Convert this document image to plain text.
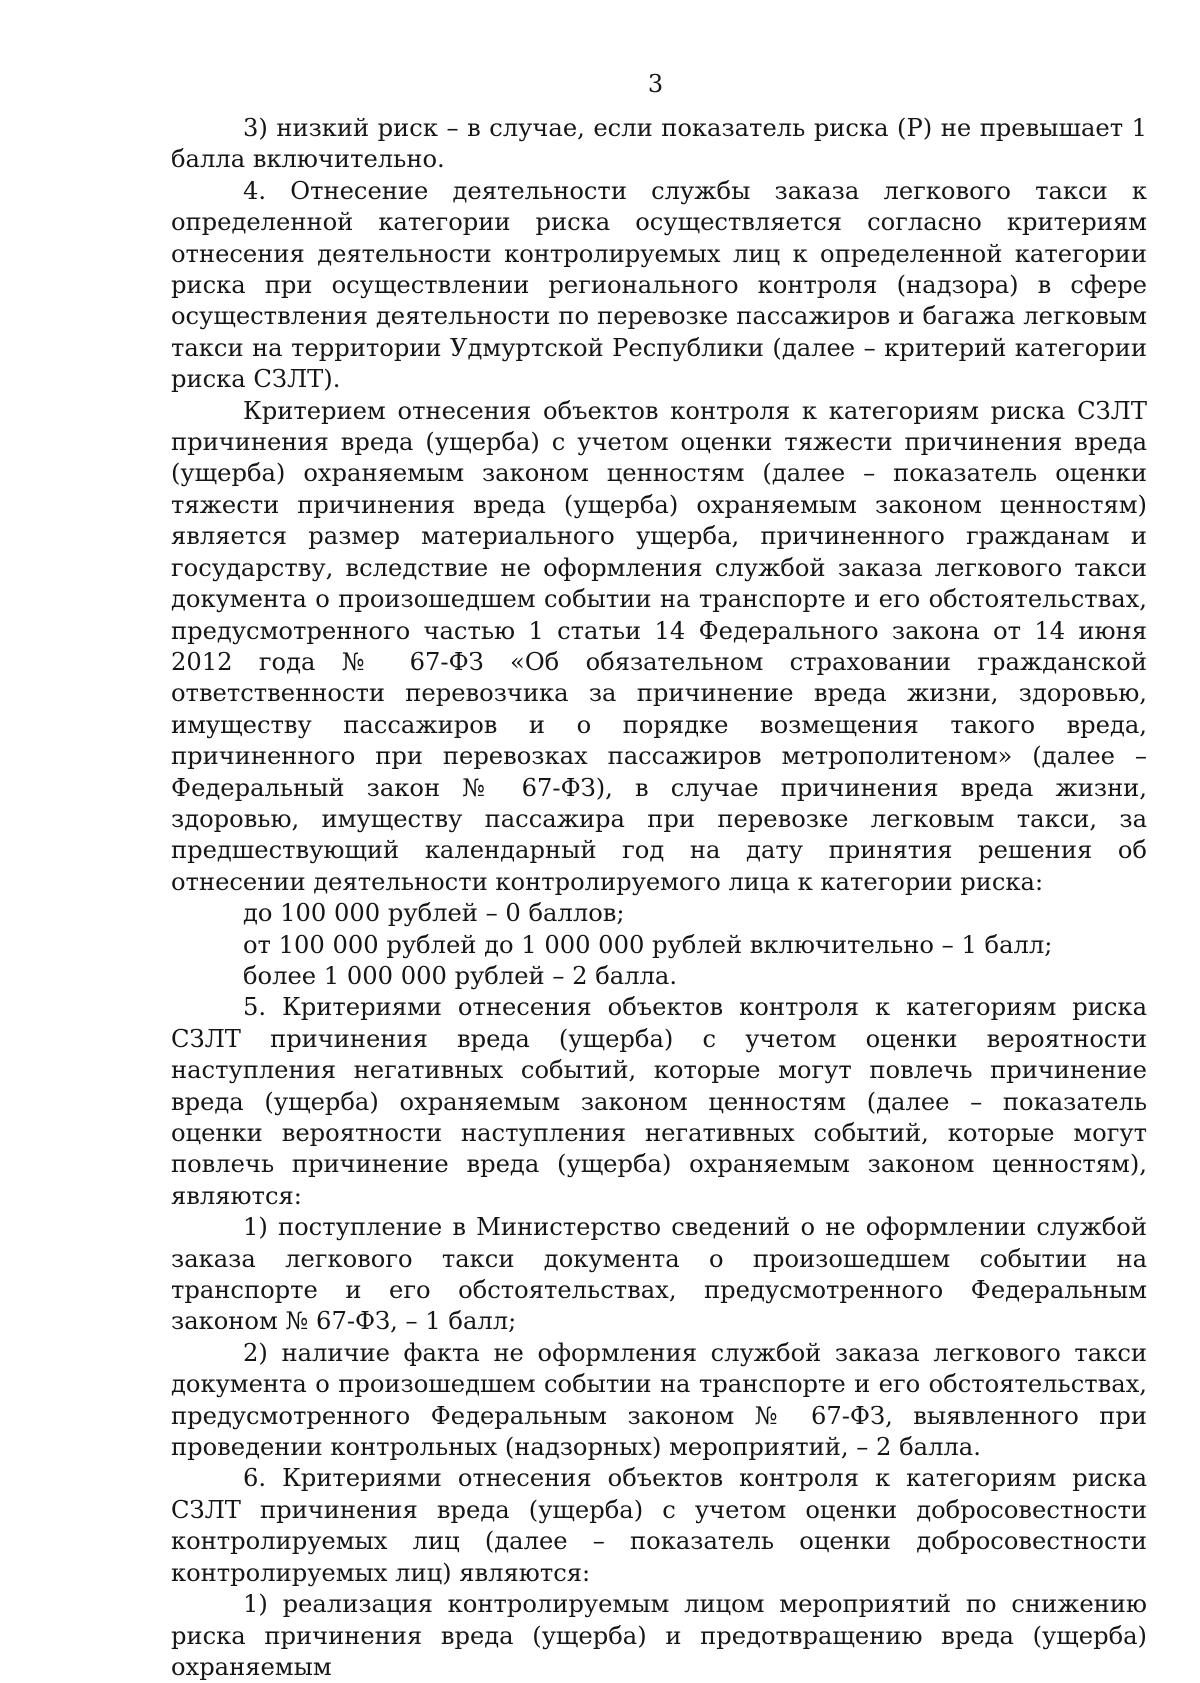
3

3) низкий риск – в случае, если показатель риска (Р) не превышает 1 балла включительно.

4. Отнесение деятельности службы заказа легкового такси к определенной категории риска осуществляется согласно критериям отнесения деятельности контролируемых лиц к определенной категории риска при осуществлении регионального контроля (надзора) в сфере осуществления деятельности по перевозке пассажиров и багажа легковым такси на территории Удмуртской Республики (далее – критерий категории риска СЗЛТ).

Критерием отнесения объектов контроля к категориям риска СЗЛТ причинения вреда (ущерба) с учетом оценки тяжести причинения вреда (ущерба) охраняемым законом ценностям (далее – показатель оценки тяжести причинения вреда (ущерба) охраняемым законом ценностям) является размер материального ущерба, причиненного гражданам и государству, вследствие не оформления службой заказа легкового такси документа о произошедшем событии на транспорте и его обстоятельствах, предусмотренного частью 1 статьи 14 Федерального закона от 14 июня 2012 года № 67-ФЗ «Об обязательном страховании гражданской ответственности перевозчика за причинение вреда жизни, здоровью, имуществу пассажиров и о порядке возмещения такого вреда, причиненного при перевозках пассажиров метрополитеном» (далее – Федеральный закон № 67-ФЗ), в случае причинения вреда жизни, здоровью, имуществу пассажира при перевозке легковым такси, за предшествующий календарный год на дату принятия решения об отнесении деятельности контролируемого лица к категории риска:

до 100 000 рублей – 0 баллов;

от 100 000 рублей до 1 000 000 рублей включительно – 1 балл;

более 1 000 000 рублей – 2 балла.

5. Критериями отнесения объектов контроля к категориям риска СЗЛТ причинения вреда (ущерба) с учетом оценки вероятности наступления негативных событий, которые могут повлечь причинение вреда (ущерба) охраняемым законом ценностям (далее – показатель оценки вероятности наступления негативных событий, которые могут повлечь причинение вреда (ущерба) охраняемым законом ценностям), являются:

1) поступление в Министерство сведений о не оформлении службой заказа легкового такси документа о произошедшем событии на транспорте и его обстоятельствах, предусмотренного Федеральным законом № 67-ФЗ, – 1 балл;

2) наличие факта не оформления службой заказа легкового такси документа о произошедшем событии на транспорте и его обстоятельствах, предусмотренного Федеральным законом № 67-ФЗ, выявленного при проведении контрольных (надзорных) мероприятий, – 2 балла.

6. Критериями отнесения объектов контроля к категориям риска СЗЛТ причинения вреда (ущерба) с учетом оценки добросовестности контролируемых лиц (далее – показатель оценки добросовестности контролируемых лиц) являются:

1) реализация контролируемым лицом мероприятий по снижению риска причинения вреда (ущерба) и предотвращению вреда (ущерба) охраняемым
